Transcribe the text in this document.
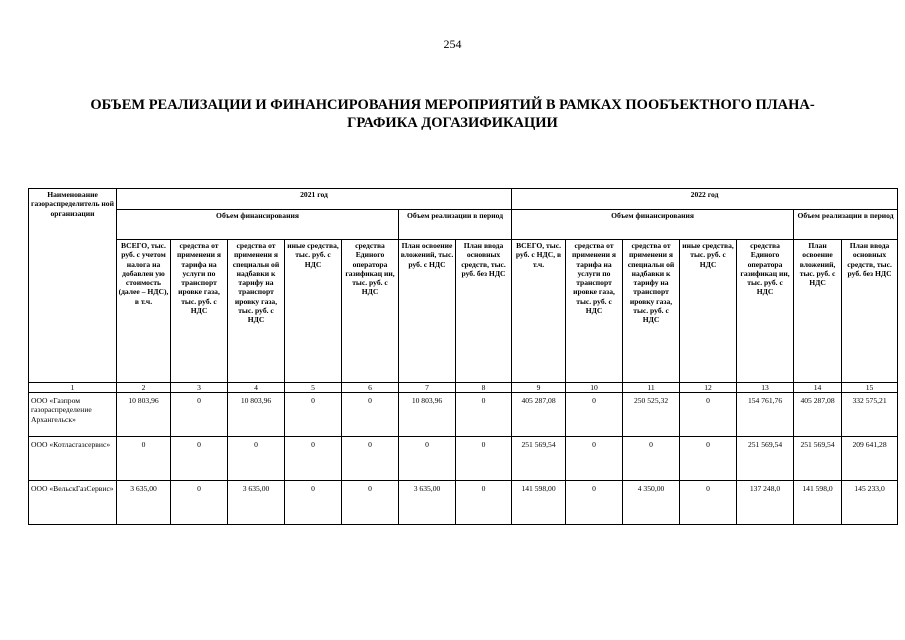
254
ОБЪЕМ РЕАЛИЗАЦИИ И ФИНАНСИРОВАНИЯ МЕРОПРИЯТИЙ В РАМКАХ ПООБЪЕКТНОГО ПЛАНА-
ГРАФИКА ДОГАЗИФИКАЦИИ
Наименование газораспределитель ной организации	2021 год							2022 год						
	Объем финансирования					Объем реализации в период		Объем финансирования					Объем реализации в период	
	ВСЕГО, тыс. руб. с учетом налога на добавлен ую стоимость (далее – НДС), в т.ч.	средства от применени я тарифа на услуги по транспорт ировке газа, тыс. руб. с НДС	средства от применени я специальн ой надбавки к тарифу на транспорт ировку газа, тыс. руб. с НДС	иные средства, тыс. руб. с НДС	средства Единого оператора газификац ии, тыс. руб. с НДС	План освоение вложений, тыс. руб. с НДС	План ввода основных средств, тыс. руб. без НДС	ВСЕГО, тыс. руб. с НДС, в т.ч.	средства от применени я тарифа на услуги по транспорт ировке газа, тыс. руб. с НДС	средства от применени я специальн ой надбавки к тарифу на транспорт ировку газа, тыс. руб. с НДС	иные средства, тыс. руб. с НДС	средства Единого оператора газификац ии, тыс. руб. с НДС	План освоение вложений, тыс. руб. с НДС	План ввода основных средств, тыс. руб. без НДС
1	2	3	4	5	6	7	8	9	10	11	12	13	14	15
ООО «Газпром газораспределение Архангельск»	10 803,96	0	10 803,96	0	0	10 803,96	0	405 287,08	0	250 525,32	0	154 761,76	405 287,08	332 575,21
ООО «Котласгазсервис»	0	0	0	0	0	0	0	251 569,54	0	0	0	251 569,54	251 569,54	209 641,28
ООО «ВельскГазСервис»	3 635,00	0	3 635,00	0	0	3 635,00	0	141 598,00	0	4 350,00	0	137 248,0	141 598,0	145 233,0
